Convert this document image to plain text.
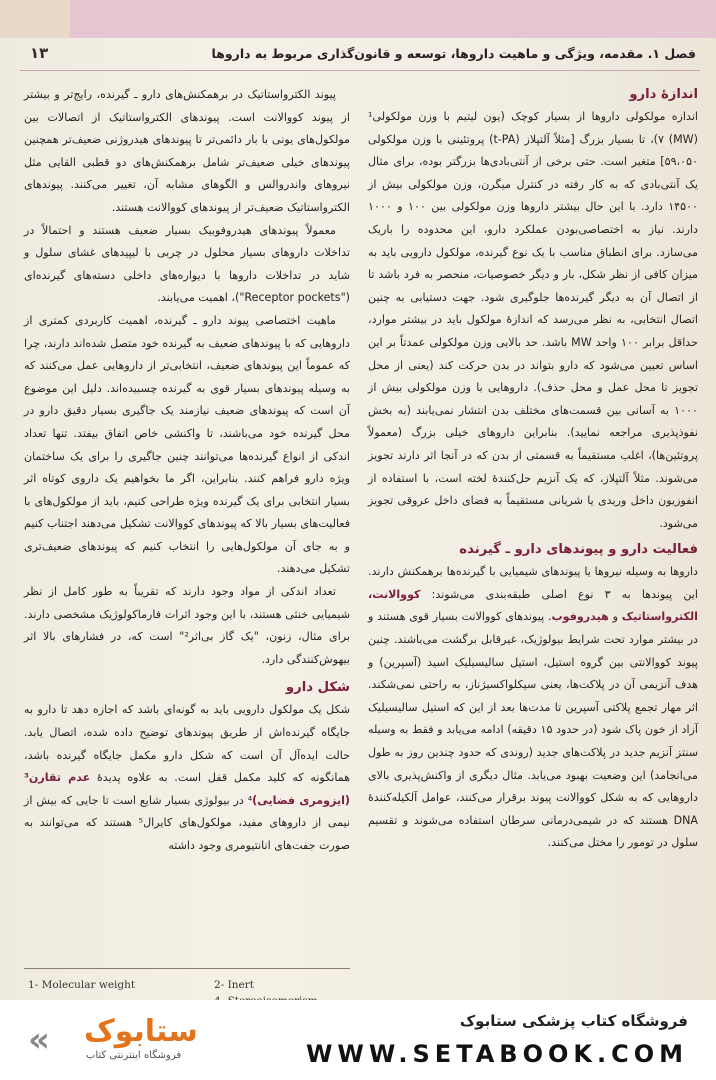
۱۳	فصل ۱. مقدمه، ویژگی و ماهیت داروها، توسعه و قانون‌گذاری مربوط به داروها

اندازهٔ دارو

اندازه مولکولی داروها از بسیار کوچک (یون لیتیم با وزن مولکولی¹ (MW) ۷)، تا بسیار بزرگ [مثلاً آلتپلاز (t-PA) پروتئینی با وزن مولکولی ۵۹،۰۵۰] متغیر است. حتی برخی از آنتی‌بادی‌ها بزرگتر بوده، برای مثال یک آنتی‌بادی‌ که به کار رفته در کنترل میگرن، وزن مولکولی بیش از ۱۴۵۰۰ دارد. با این حال بیشتر داروها وزن مولکولی بین ۱۰۰ و ۱۰۰۰ دارند. نیاز به اختصاصی‌بودن عملکرد دارو، این محدوده را باریک می‌سازد. برای انطباق مناسب با یک نوع گیرنده، مولکول دارویی باید به میزان کافی از نظر شکل، بار و دیگر خصوصیات، منحصر به فرد باشد تا از اتصال آن به دیگر گیرنده‌ها جلوگیری شود. جهت دستیابی به چنین اتصال انتخابی، به نظر می‌رسد که اندازهٔ مولکول باید در بیشتر موارد، حداقل برابر ۱۰۰ واحد MW باشد. حد بالایی وزن مولکولی عمدتاً بر این اساس تعیین می‌شود که دارو بتواند در بدن حرکت کند (یعنی از محل تجویز تا محل عمل و محل حذف). داروهایی با وزن مولکولی بیش از ۱۰۰۰ به آسانی بین قسمت‌های مختلف بدن انتشار نمی‌یابند (به بخش نفوذپذیری مراجعه نمایید). بنابراین داروهای خیلی بزرگ (معمولاً پروتئین‌ها)، اغلب مستقیماً به قسمتی از بدن که در آنجا اثر دارند تجویز می‌شوند. مثلاً آلتپلاز، که یک آنزیم حل‌کنندهٔ لخته است، با استفاده از انفوزیون داخل وریدی یا شریانی مستقیماً به فضای داخل عروقی تجویز می‌شود.

فعالیت دارو و پیوندهای دارو ـ گیرنده

داروها به وسیله نیروها یا پیوندهای شیمیایی با گیرنده‌ها برهمکنش دارند. این پیوندها به ۳ نوع اصلی طبقه‌بندی می‌شوند: کووالانت، الکترواستاتیک و هیدروفوب. پیوندهای کووالانت بسیار قوی هستند و در بیشتر موارد تحت شرایط بیولوژیک، غیرقابل برگشت می‌باشند. چنین پیوند کووالانتی بین گروه استیل، استیل سالیسیلیک اسید (آسپرین) و هدف آنزیمی آن در پلاکت‌ها، یعنی سیکلواکسیژناز، به راحتی نمی‌شکند. اثر مهار تجمع پلاکتی آسپرین تا مدت‌ها بعد از این که استیل سالیسیلیک آزاد از خون پاک شود (در حدود ۱۵ دقیقه) ادامه می‌یابد و فقط به وسیله سنتز آنزیم جدید در پلاکت‌های جدید (روندی که حدود چندین روز به طول می‌انجامد) این وضعیت بهبود می‌یابد. مثال دیگری از واکنش‌پذیری بالای داروهایی که به شکل کووالانت پیوند برقرار می‌کنند، عوامل آلکیله‌کنندهٔ DNA هستند که در شیمی‌درمانی سرطان استفاده می‌شوند و تقسیم سلول در تومور را مختل می‌کنند.

پیوند الکترواستاتیک در برهمکنش‌های دارو ـ گیرنده، رایج‌تر و بیشتر از پیوند کووالانت است. پیوندهای الکترواستاتیک از اتصالات بین مولکول‌های یونی با بار دائمی‌تر تا پیوندهای هیدروژنی ضعیف‌تر همچنین پیوندهای خیلی ضعیف‌تر شامل برهمکنش‌های دو قطبی القایی مثل نیروهای واندروالس و الگوهای مشابه آن، تغییر می‌کنند. پیوندهای الکترواستاتیک ضعیف‌تر از پیوندهای کووالانت هستند.

معمولاً پیوندهای هیدروفوبیک بسیار ضعیف هستند و احتمالاً در تداخلات داروهای بسیار محلول در چربی با لیپیدهای غشای سلول و شاید در تداخلات داروها با دیواره‌های داخلی دسته‌های گیرنده‌ای ("Receptor pockets")، اهمیت می‌یابند.

ماهیت اختصاصی پیوند دارو ـ گیرنده، اهمیت کاربردی کمتری از داروهایی که با پیوندهای ضعیف به گیرنده خود متصل شده‌اند دارند، چرا که عموماً این پیوندهای ضعیف، انتخابی‌تر از داروهایی عمل می‌کنند که به وسیله پیوندهای بسیار قوی به گیرنده چسبیده‌اند. دلیل این موضوع آن است که پیوندهای ضعیف نیازمند یک جاگیری بسیار دقیق دارو در محل گیرنده خود می‌باشند، تا واکنشی خاص اتفاق بیفتد. تنها تعداد اندکی از انواع گیرنده‌ها می‌توانند چنین جاگیری را برای یک ساختمان ویژه دارو فراهم کنند. بنابراین، اگر ما بخواهیم یک داروی کوتاه اثر بسیار انتخابی برای یک گیرنده ویژه طراحی کنیم، باید از مولکول‌های با فعالیت‌های بسیار بالا که پیوندهای کووالانت تشکیل می‌دهند اجتناب کنیم و به جای آن مولکول‌هایی را انتخاب کنیم که پیوندهای ضعیف‌تری تشکیل می‌دهند.

تعداد اندکی از مواد وجود دارند که تقریباً به طور کامل از نظر شیمیایی خنثی هستند، با این وجود اثرات فارماکولوژیک مشخصی دارند. برای مثال، زنون، "یک گاز بی‌اثر²" است که، در فشارهای بالا اثر بیهوش‌کنندگی دارد.

شکل دارو

شکل یک مولکول دارویی باید به گونه‌ای باشد که اجازه دهد تا دارو به جایگاه گیرنده‌اش از طریق پیوندهای توضیح داده شده، اتصال یابد. حالت ایده‌آل آن است که شکل دارو مکمل جایگاه گیرنده باشد، همانگونه که کلید مکمل قفل است. به علاوه پدیدهٔ عدم تقارن³ (ایزومری فضایی)⁴ در بیولوژی بسیار شایع است تا جایی که بیش از نیمی از داروهای مفید، مولکول‌های کایرال⁵ هستند که می‌توانند به صورت جفت‌های انانتیومری وجود داشته

1- Molecular weight	2- Inert
« ستابوک
فروشگاه اینترنتی کتاب
فروشگاه کتاب پزشکی ستابوک
WWW.SETABOOK.COM
